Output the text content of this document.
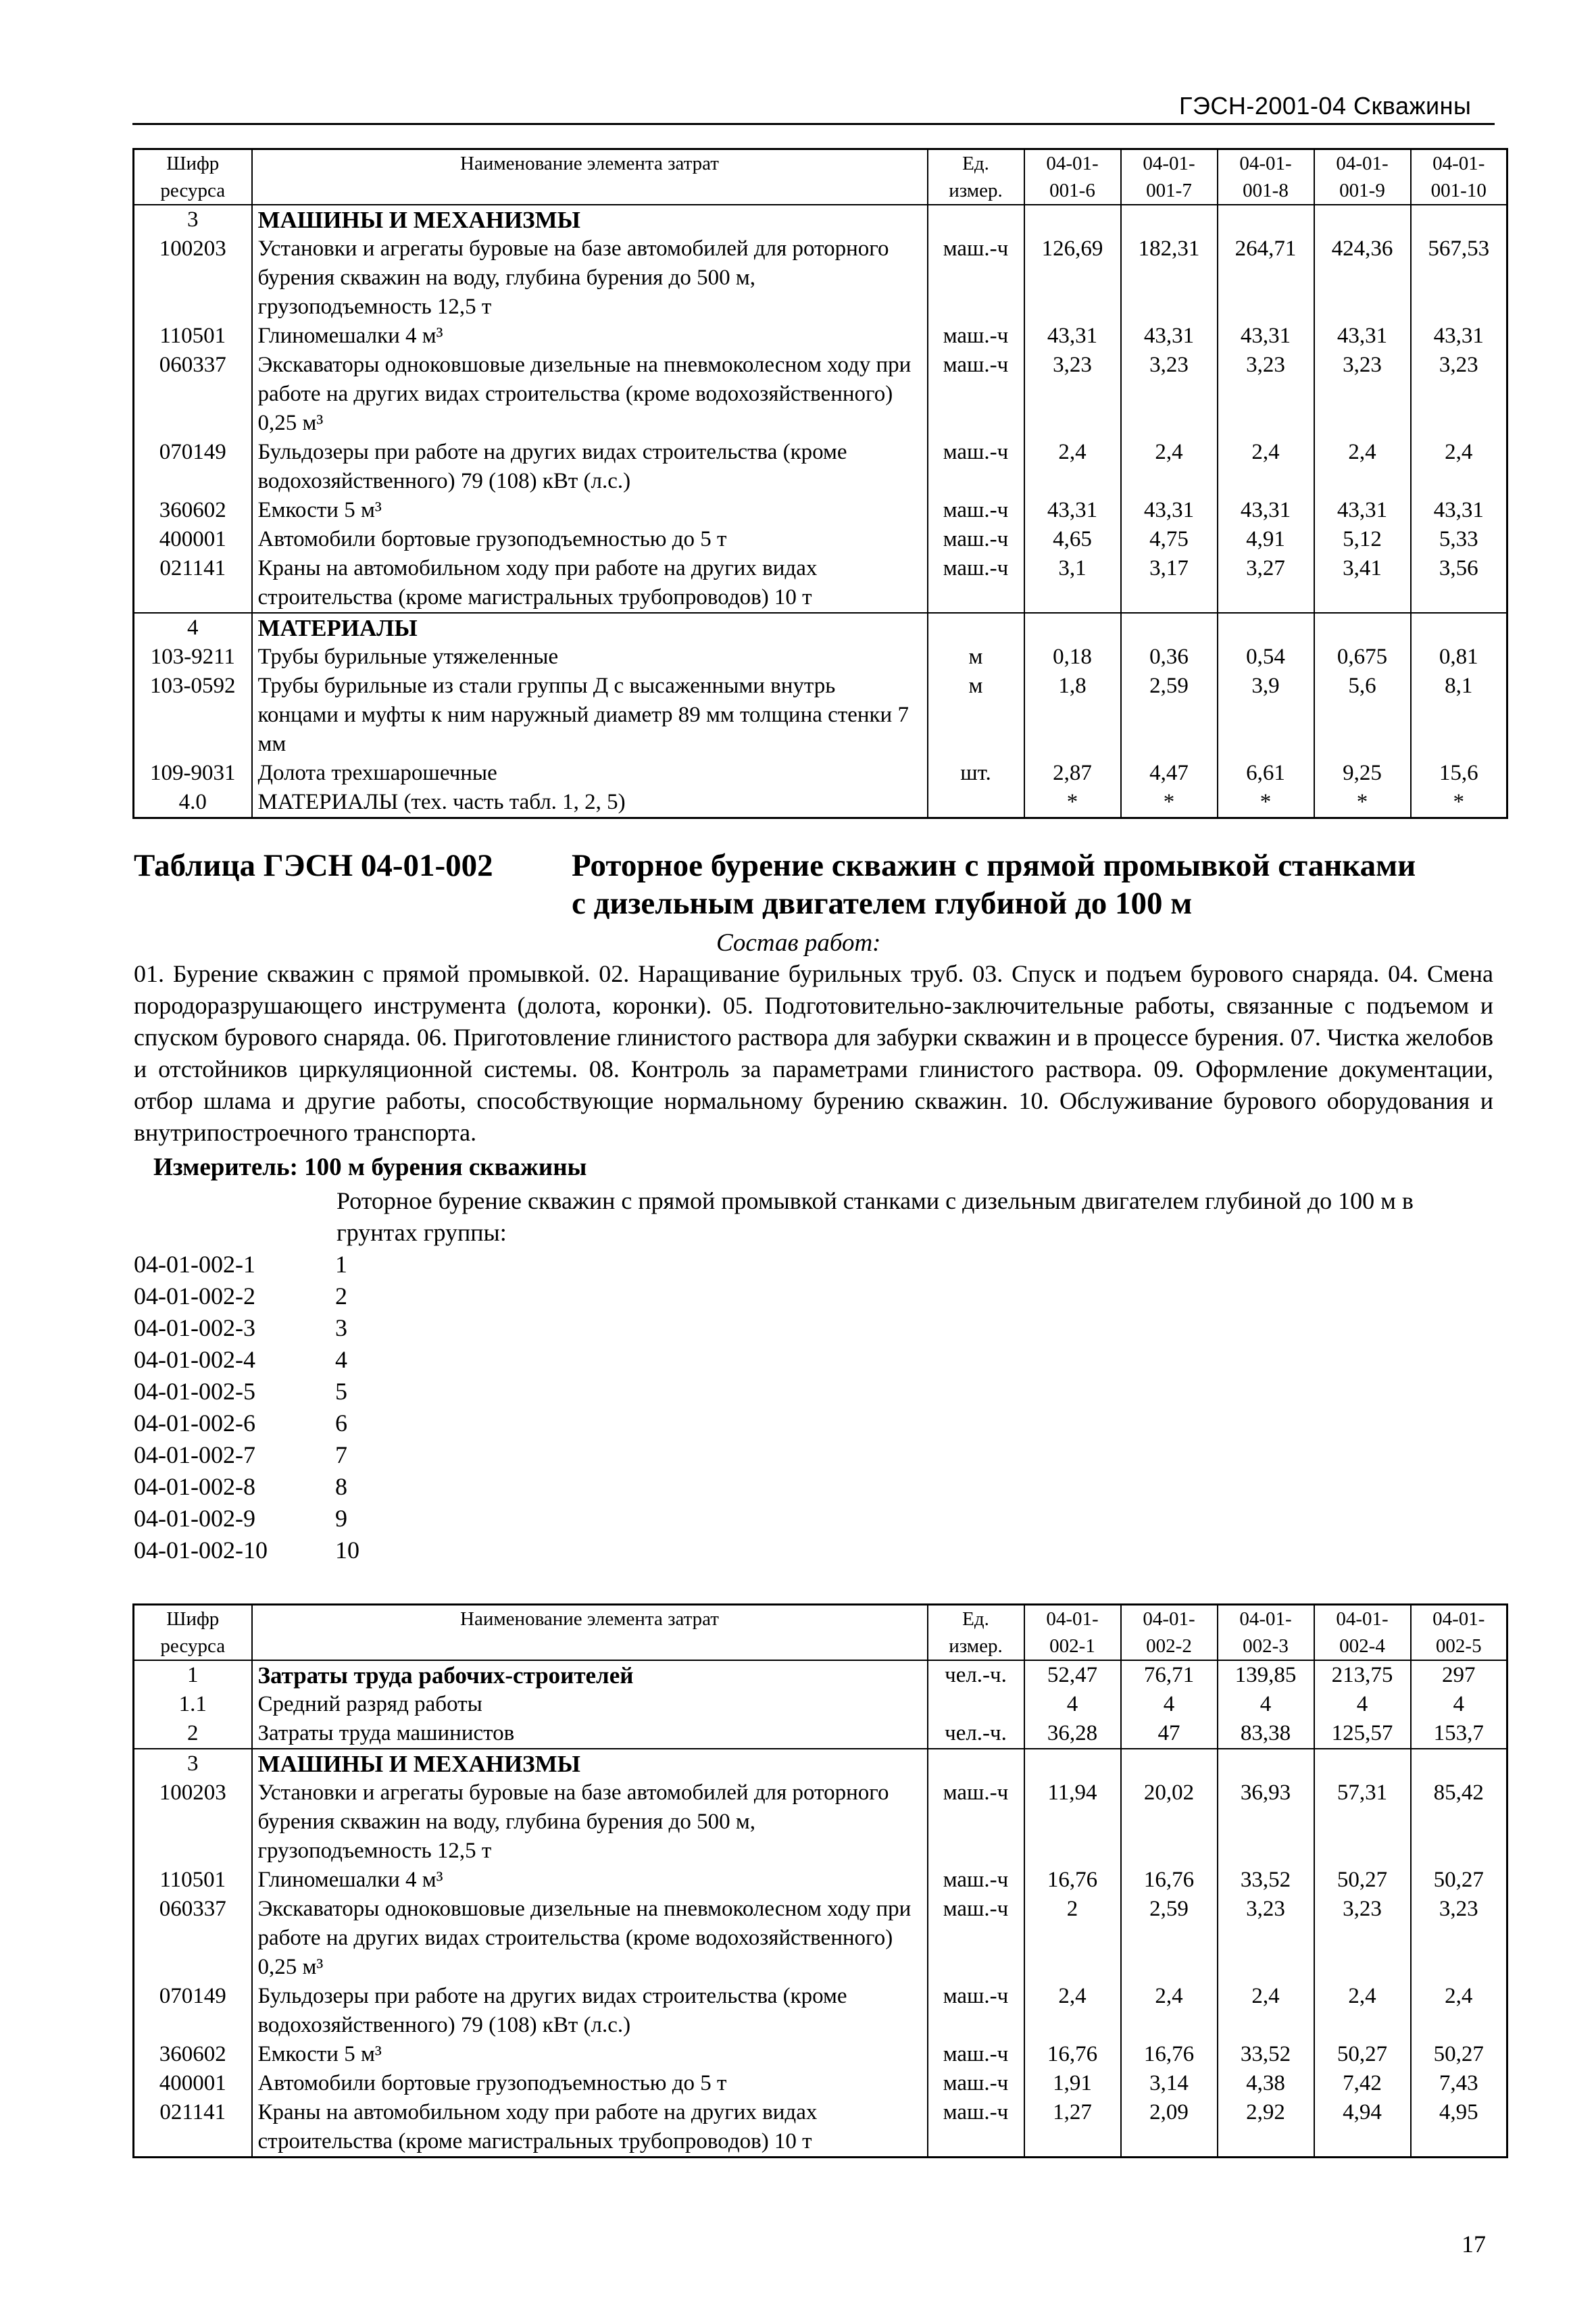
ГЭСН-2001-04 Скважины
Шифр ресурса	Наименование элемента затрат	Ед. измер.	04-01-001-6	04-01-001-7	04-01-001-8	04-01-001-9	04-01-001-10
3	МАШИНЫ И МЕХАНИЗМЫ						
100203	Установки и агрегаты буровые на базе автомобилей для роторного бурения скважин на воду, глубина бурения до 500 м, грузоподъемность 12,5 т	маш.-ч	126,69	182,31	264,71	424,36	567,53
110501	Глиномешалки 4 м³	маш.-ч	43,31	43,31	43,31	43,31	43,31
060337	Экскаваторы одноковшовые дизельные на пневмоколесном ходу при работе на других видах строительства (кроме водохозяйственного) 0,25 м³	маш.-ч	3,23	3,23	3,23	3,23	3,23
070149	Бульдозеры при работе на других видах строительства (кроме водохозяйственного) 79 (108) кВт (л.с.)	маш.-ч	2,4	2,4	2,4	2,4	2,4
360602	Емкости 5 м³	маш.-ч	43,31	43,31	43,31	43,31	43,31
400001	Автомобили бортовые грузоподъемностью до 5 т	маш.-ч	4,65	4,75	4,91	5,12	5,33
021141	Краны на автомобильном ходу при работе на других видах строительства (кроме магистральных трубопроводов) 10 т	маш.-ч	3,1	3,17	3,27	3,41	3,56
4	МАТЕРИАЛЫ						
103-9211	Трубы бурильные утяжеленные	м	0,18	0,36	0,54	0,675	0,81
103-0592	Трубы бурильные из стали группы Д с высаженными внутрь концами и муфты к ним наружный диаметр 89 мм толщина стенки 7 мм	м	1,8	2,59	3,9	5,6	8,1
109-9031	Долота трехшарошечные	шт.	2,87	4,47	6,61	9,25	15,6
4.0	МАТЕРИАЛЫ (тех. часть табл. 1, 2, 5)		*	*	*	*	*
Таблица ГЭСН 04-01-002 Роторное бурение скважин с прямой промывкой станками
с дизельным двигателем глубиной до 100 м
Состав работ:
01. Бурение скважин с прямой промывкой. 02. Наращивание бурильных труб. 03. Спуск и подъем бурового снаряда. 04. Смена породоразрушающего инструмента (долота, коронки). 05. Подготовительно-заключительные работы, связанные с подъемом и спуском бурового снаряда. 06. Приготовление глинистого раствора для забурки скважин и в процессе бурения. 07. Чистка желобов и отстойников циркуляционной системы. 08. Контроль за параметрами глинистого раствора. 09. Оформление документации, отбор шлама и другие работы, способствующие нормальному бурению скважин. 10. Обслуживание бурового оборудования и внутрипостроечного транспорта.
Измеритель: 100 м бурения скважины
Роторное бурение скважин с прямой промывкой станками с дизельным двигателем глубиной до 100 м в грунтах группы:
04-01-002-1	1
04-01-002-2	2
04-01-002-3	3
04-01-002-4	4
04-01-002-5	5
04-01-002-6	6
04-01-002-7	7
04-01-002-8	8
04-01-002-9	9
04-01-002-10	10
Шифр ресурса	Наименование элемента затрат	Ед. измер.	04-01-002-1	04-01-002-2	04-01-002-3	04-01-002-4	04-01-002-5
1	Затраты труда рабочих-строителей	чел.-ч.	52,47	76,71	139,85	213,75	297
1.1	Средний разряд работы		4	4	4	4	4
2	Затраты труда машинистов	чел.-ч.	36,28	47	83,38	125,57	153,7
3	МАШИНЫ И МЕХАНИЗМЫ						
100203	Установки и агрегаты буровые на базе автомобилей для роторного бурения скважин на воду, глубина бурения до 500 м, грузоподъемность 12,5 т	маш.-ч	11,94	20,02	36,93	57,31	85,42
110501	Глиномешалки 4 м³	маш.-ч	16,76	16,76	33,52	50,27	50,27
060337	Экскаваторы одноковшовые дизельные на пневмоколесном ходу при работе на других видах строительства (кроме водохозяйственного) 0,25 м³	маш.-ч	2	2,59	3,23	3,23	3,23
070149	Бульдозеры при работе на других видах строительства (кроме водохозяйственного) 79 (108) кВт (л.с.)	маш.-ч	2,4	2,4	2,4	2,4	2,4
360602	Емкости 5 м³	маш.-ч	16,76	16,76	33,52	50,27	50,27
400001	Автомобили бортовые грузоподъемностью до 5 т	маш.-ч	1,91	3,14	4,38	7,42	7,43
021141	Краны на автомобильном ходу при работе на других видах строительства (кроме магистральных трубопроводов) 10 т	маш.-ч	1,27	2,09	2,92	4,94	4,95
17
